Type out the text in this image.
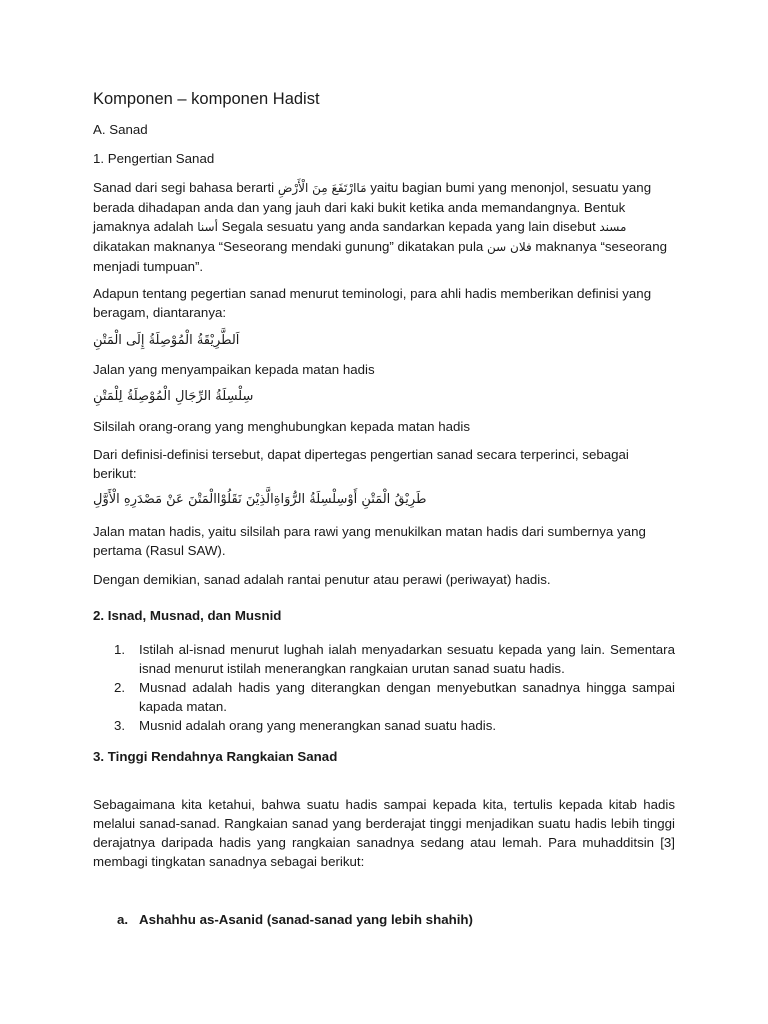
Komponen – komponen Hadist

A. Sanad

1. Pengertian Sanad

Sanad dari segi bahasa berarti مَاارْتَفَعَ مِنَ الْأَرْضِ yaitu bagian bumi yang menonjol, sesuatu yang berada dihadapan anda dan yang jauh dari kaki bukit ketika anda memandangnya. Bentuk jamaknya adalah أسنا Segala sesuatu yang anda sandarkan kepada yang lain disebut مسند dikatakan maknanya “Seseorang mendaki gunung” dikatakan pula فلان سن maknanya “seseorang menjadi tumpuan”.

Adapun tentang pegertian sanad menurut teminologi, para ahli hadis memberikan definisi yang beragam, diantaranya:

اَلطَّرِيْقَةُ الْمُوْصِلَةُ إِلَى الْمَتْنِ

Jalan yang menyampaikan kepada matan hadis

سِلْسِلَةُ الرِّجَالِ الْمُوْصِلَةُ لِلْمَتْنِ

Silsilah orang-orang yang menghubungkan kepada matan hadis

Dari definisi-definisi tersebut, dapat dipertegas pengertian sanad secara terperinci, sebagai berikut:

طَرِيْقُ الْمَتْنِ أَوْسِلْسِلَةُ الرُّوَاةِالَّذِيْنَ نَقَلُوْاالْمَتْنَ عَنْ مَصْدَرِهِ الْأَوَّلِ

Jalan matan hadis, yaitu silsilah para rawi yang menukilkan matan hadis dari sumbernya yang pertama (Rasul SAW).

Dengan demikian, sanad adalah rantai penutur atau perawi (periwayat) hadis.

2. Isnad, Musnad, dan Musnid

1. Istilah al-isnad menurut lughah ialah menyadarkan sesuatu kepada yang lain. Sementara isnad menurut istilah menerangkan rangkaian urutan sanad suatu hadis.
2. Musnad adalah hadis yang diterangkan dengan menyebutkan sanadnya hingga sampai kapada matan.
3. Musnid adalah orang yang menerangkan sanad suatu hadis.

3. Tinggi Rendahnya Rangkaian Sanad

Sebagaimana kita ketahui, bahwa suatu hadis sampai kepada kita, tertulis kepada kitab hadis melalui sanad-sanad. Rangkaian sanad yang berderajat tinggi menjadikan suatu hadis lebih tinggi derajatnya daripada hadis yang rangkaian sanadnya sedang atau lemah. Para muhadditsin [3] membagi tingkatan sanadnya sebagai berikut:

a. Ashahhu as-Asanid (sanad-sanad yang lebih shahih)
